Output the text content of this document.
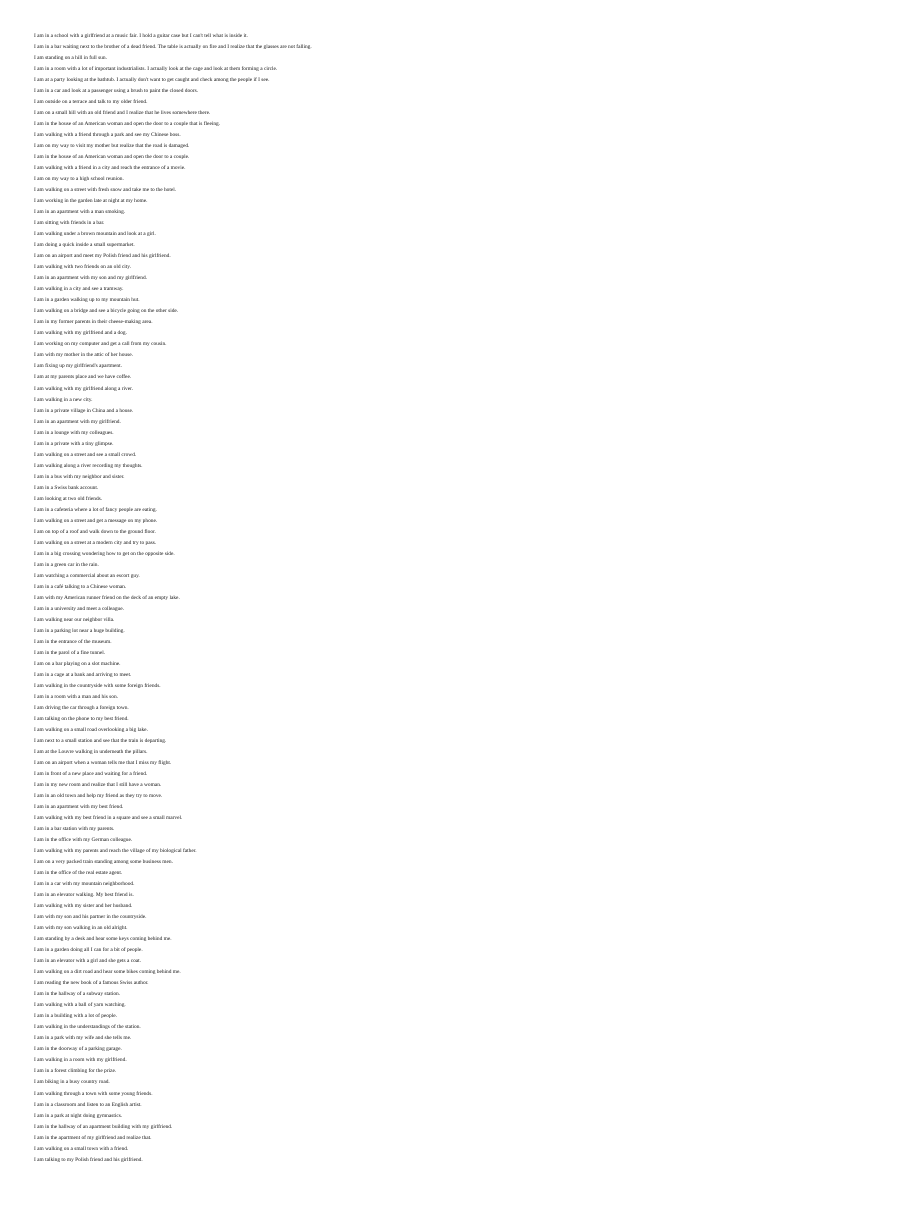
I am in a school with a girlfriend at a music fair. I hold a guitar case but I can't tell what is inside it.
I am in a bar waiting next to the brother of a dead friend. The table is actually on fire and I realize that the glasses are not falling.
I am standing on a hill in full sun.
I am in a room with a lot of important industrialists. I actually look at the cage and look at them forming a circle.
I am at a party looking at the bathtub. I actually don't want to get caught and check among the people if I see.
I am in a car and look at a passenger using a brush to paint the closed doors.
I am outside on a terrace and talk to my older friend.
I am on a small hill with an old friend and I realize that he lives somewhere there.
I am in the house of an American woman and open the door to a couple that is fleeing.
I am walking with a friend through a park and see my Chinese boss.
I am on my way to visit my mother but realize that the road is damaged.
I am in the house of an American woman and open the door to a couple.
I am walking with a friend in a city and reach the entrance of a movie.
I am on my way to a high school reunion.
I am walking on a street with fresh snow and take me to the hotel.
I am working in the garden late at night at my home.
I am in an apartment with a man smoking.
I am sitting with friends in a bar.
I am walking under a brown mountain and look at a girl.
I am doing a quick inside a small supermarket.
I am on an airport and meet my Polish friend and his girlfriend.
I am walking with two friends on an old city.
I am in an apartment with my son and my girlfriend.
I am walking in a city and see a tramway.
I am in a garden walking up to my mountain hut.
I am walking on a bridge and see a bicycle going on the other side.
I am in my former parents in their cheese-making area.
I am walking with my girlfriend and a dog.
I am working on my computer and get a call from my cousin.
I am with my mother in the attic of her house.
I am fixing up my girlfriend's apartment.
I am at my parents place and we have coffee.
I am walking with my girlfriend along a river.
I am walking in a new city.
I am in a private village in China and a house.
I am in an apartment with my girlfriend.
I am in a lounge with my colleagues.
I am in a private with a tiny glimpse.
I am walking on a street and see a small crowd.
I am walking along a river recording my thoughts.
I am in a bus with my neighbor and sister.
I am in a Swiss bank account.
I am looking at two old friends.
I am in a cafeteria where a lot of fancy people are eating.
I am walking on a street and get a message on my phone.
I am on top of a roof and walk down to the ground floor.
I am walking on a street at a modern city and try to pass.
I am in a big crossing wondering how to get on the opposite side.
I am in a green car in the rain.
I am watching a commercial about an escort guy.
I am in a café talking to a Chinese woman.
I am with my American runner friend on the deck of an empty lake.
I am in a university and meet a colleague.
I am walking near our neighbor villa.
I am in a parking lot near a huge building.
I am in the entrance of the museum.
I am in the parol of a fine tunnel.
I am on a bar playing on a slot machine.
I am in a cage at a bank and arriving to meet.
I am walking in the countryside with some foreign friends.
I am in a room with a man and his son.
I am driving the car through a foreign town.
I am talking on the phone to my best friend.
I am walking on a small road overlooking a big lake.
I am next to a small station and see that the train is departing.
I am at the Louvre walking in underneath the pillars.
I am on an airport when a woman tells me that I miss my flight.
I am in front of a new place and waiting for a friend.
I am in my new room and realize that I still have a woman.
I am in an old town and help my friend as they try to move.
I am in an apartment with my best friend.
I am walking with my best friend in a square and see a small marvel.
I am in a bar station with my parents.
I am in the office with my German colleague.
I am walking with my parents and reach the village of my biological father.
I am on a very packed train standing among some business men.
I am in the office of the real estate agent.
I am in a car with my mountain neighborhood.
I am in an elevator walking. My best friend is.
I am walking with my sister and her husband.
I am with my son and his partner in the countryside.
I am with my son walking in an old alright.
I am standing by a desk and hear some keys coming behind me.
I am in a garden doing all I can for a bit of people.
I am in an elevator with a girl and she gets a coat.
I am walking on a dirt road and hear some bikes coming behind me.
I am reading the new book of a famous Swiss author.
I am in the hallway of a subway station.
I am walking with a ball of yarn watching.
I am in a building with a lot of people.
I am walking in the understandings of the station.
I am in a park with my wife and she tells me.
I am in the doorway of a parking garage.
I am walking in a room with my girlfriend.
I am in a forest climbing for the prize.
I am biking in a busy country road.
I am walking through a town with some young friends.
I am in a classroom and listen to an English artist.
I am in a park at night doing gymnastics.
I am in the hallway of an apartment building with my girlfriend.
I am in the apartment of my girlfriend and realize that.
I am walking on a small town with a friend.
I am talking to my Polish friend and his girlfriend.
